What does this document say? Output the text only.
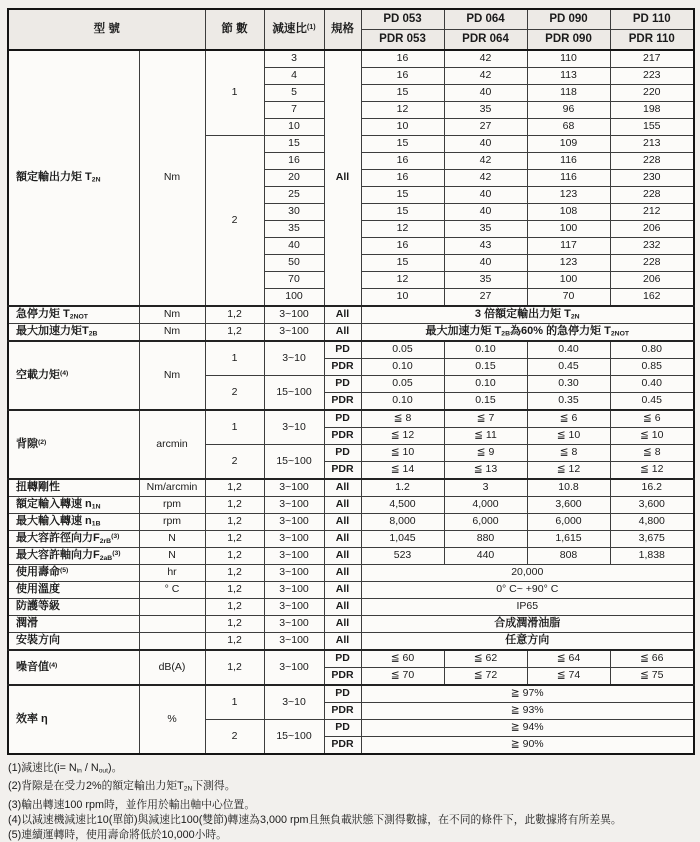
型 號		節 數	減速比$^{(1)}$	規格	PD 053	PD 064	PD 090	PD 110
					PDR 053	PDR 064	PDR 090	PDR 110
額定輸出力矩 $T_{2N}$	Nm	1	3	All	16	42	110	217
			4		16	42	113	223
			5		15	40	118	220
			7		12	35	96	198
			10		10	27	68	155
		2	15		15	40	109	213
			16		16	42	116	228
			20		16	42	116	230
			25		15	40	123	228
			30		15	40	108	212
			35		12	35	100	206
			40		16	43	117	232
			50		15	40	123	228
			70		12	35	100	206
			100		10	27	70	162
急停力矩 $T_{2NOT}$	Nm	1,2	3~100	All	3 倍額定輸出力矩 $T_{2N}$
最大加速力矩$T_{2B}$	Nm	1,2	3~100	All	最大加速力矩 $T_{2B}$為60% 的急停力矩 $T_{2NOT}$
空載力矩$^{(4)}$	Nm	1	3~10	PD	0.05	0.10	0.40	0.80
				PDR	0.10	0.15	0.45	0.85
		2	15~100	PD	0.05	0.10	0.30	0.40
				PDR	0.10	0.15	0.35	0.45
背隙$^{(2)}$	arcmin	1	3~10	PD	≦ 8	≦ 7	≦ 6	≦ 6
				PDR	≦ 12	≦ 11	≦ 10	≦ 10
		2	15~100	PD	≦ 10	≦ 9	≦ 8	≦ 8
				PDR	≦ 14	≦ 13	≦ 12	≦ 12
扭轉剛性	Nm/arcmin	1,2	3~100	All	1.2	3	10.8	16.2
額定輸入轉速 $n_{1N}$	rpm	1,2	3~100	All	4,500	4,000	3,600	3,600
最大輸入轉速 $n_{1B}$	rpm	1,2	3~100	All	8,000	6,000	6,000	4,800
最大容許徑向力$F_{2rB}^{(3)}$	N	1,2	3~100	All	1,045	880	1,615	3,675
最大容許軸向力$F_{2aB}^{(3)}$	N	1,2	3~100	All	523	440	808	1,838
使用壽命$^{(5)}$	hr	1,2	3~100	All	20,000			
使用溫度	° C	1,2	3~100	All	0° C~ +90° C			
防護等級		1,2	3~100	All	IP65			
潤滑		1,2	3~100	All	合成潤滑油脂			
安裝方向		1,2	3~100	All	任意方向			
噪音值$^{(4)}$	dB(A)	1,2	3~100	PD	≦ 60	≦ 62	≦ 64	≦ 66
				PDR	≦ 70	≦ 72	≦ 74	≦ 75
效率 η	%	1	3~10	PD	≧ 97%			
				PDR	≧ 93%			
		2	15~100	PD	≧ 94%			
				PDR	≧ 90%			
(1)減速比$(i= N_{in} / N_{out})$。
(2)背隙是在受力2%的額定輸出力矩$T_{2N}$下測得。
(3)輸出轉速100 rpm時，並作用於輸出軸中心位置。
(4)以減速機減速比10(單節)與減速比100(雙節)轉速為3,000 rpm且無負載狀態下測得數據，在不同的條件下，此數據將有所差異。
(5)連續運轉時，使用壽命將低於10,000小時。
